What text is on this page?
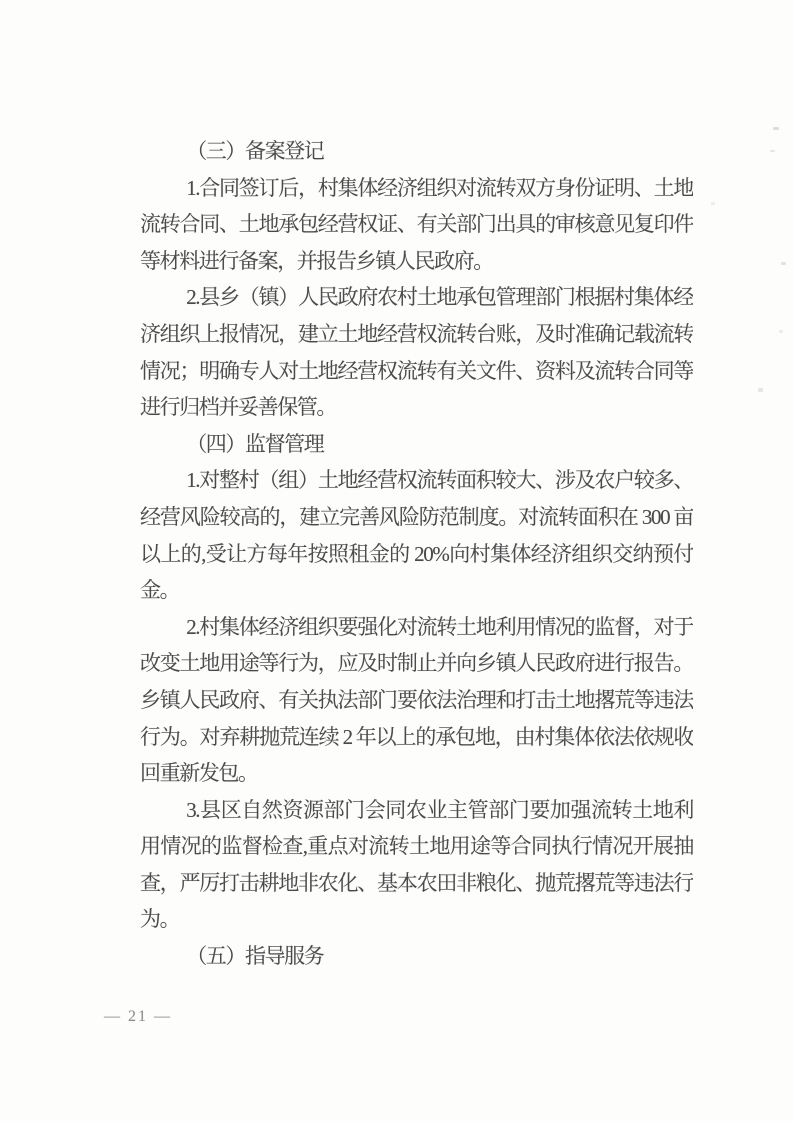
（三）备案登记
1.合同签订后，村集体经济组织对流转双方身份证明、土地
流转合同、土地承包经营权证、有关部门出具的审核意见复印件
等材料进行备案，并报告乡镇人民政府。
2.县乡（镇）人民政府农村土地承包管理部门根据村集体经
济组织上报情况，建立土地经营权流转台账，及时准确记载流转
情况；明确专人对土地经营权流转有关文件、资料及流转合同等
进行归档并妥善保管。
（四）监督管理
1.对整村（组）土地经营权流转面积较大、涉及农户较多、
经营风险较高的，建立完善风险防范制度。对流转面积在 300 亩
以上的,受让方每年按照租金的 20%向村集体经济组织交纳预付
金。
2.村集体经济组织要强化对流转土地利用情况的监督，对于
改变土地用途等行为，应及时制止并向乡镇人民政府进行报告。
乡镇人民政府、有关执法部门要依法治理和打击土地撂荒等违法
行为。对弃耕抛荒连续 2 年以上的承包地，由村集体依法依规收
回重新发包。
3.县区自然资源部门会同农业主管部门要加强流转土地利
用情况的监督检查,重点对流转土地用途等合同执行情况开展抽
查，严厉打击耕地非农化、基本农田非粮化、抛荒撂荒等违法行
为。
（五）指导服务
— 21 —
